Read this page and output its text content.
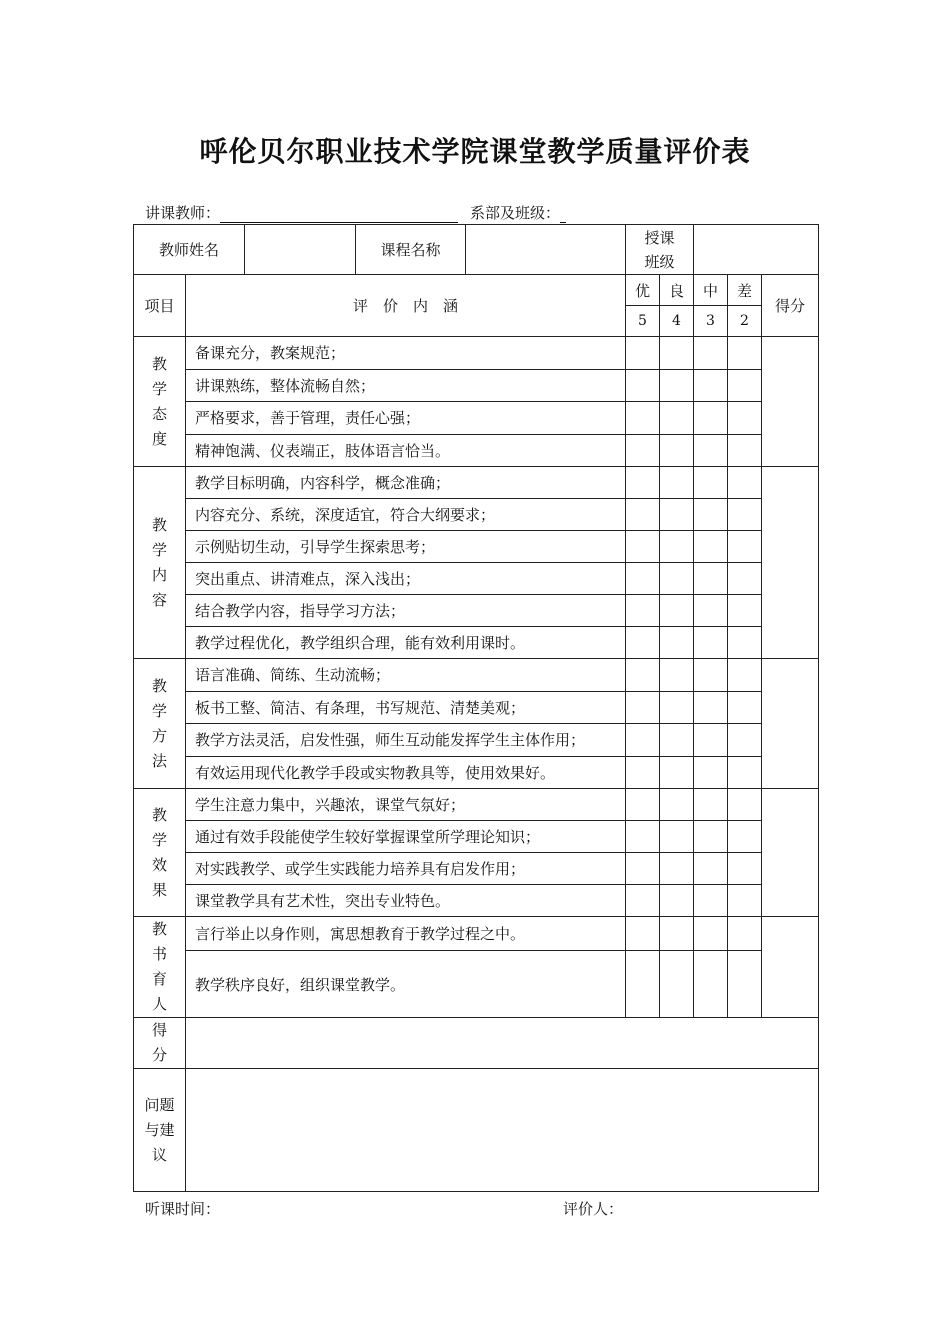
呼伦贝尔职业技术学院课堂教学质量评价表
讲课教师：	系部及班级：
教师姓名			课程名称		授课班级				
项目	评　价　内　涵				优	良	中	差	得分
					5	4	3	2	

教学态度	备课充分，教案规范；								
	讲课熟练，整体流畅自然；								
	严格要求，善于管理，责任心强；								
	精神饱满、仪表端正，肢体语言恰当。								

教学内容	教学目标明确，内容科学，概念准确；								
	内容充分、系统，深度适宜，符合大纲要求；								
	示例贴切生动，引导学生探索思考；								
	突出重点、讲清难点，深入浅出；								
	结合教学内容，指导学习方法；								
	教学过程优化，教学组织合理，能有效利用课时。								

教学方法	语言准确、简练、生动流畅；								
	板书工整、简洁、有条理，书写规范、清楚美观；								
	教学方法灵活，启发性强，师生互动能发挥学生主体作用；								
	有效运用现代化教学手段或实物教具等，使用效果好。								

教学效果	学生注意力集中，兴趣浓，课堂气氛好；								
	通过有效手段能使学生较好掌握课堂所学理论知识；								
	对实践教学、或学生实践能力培养具有启发作用；								
	课堂教学具有艺术性，突出专业特色。								

教书育人	言行举止以身作则，寓思想教育于教学过程之中。								
	教学秩序良好，组织课堂教学。								

得分									

问题与建议									

听课时间：	评价人：
